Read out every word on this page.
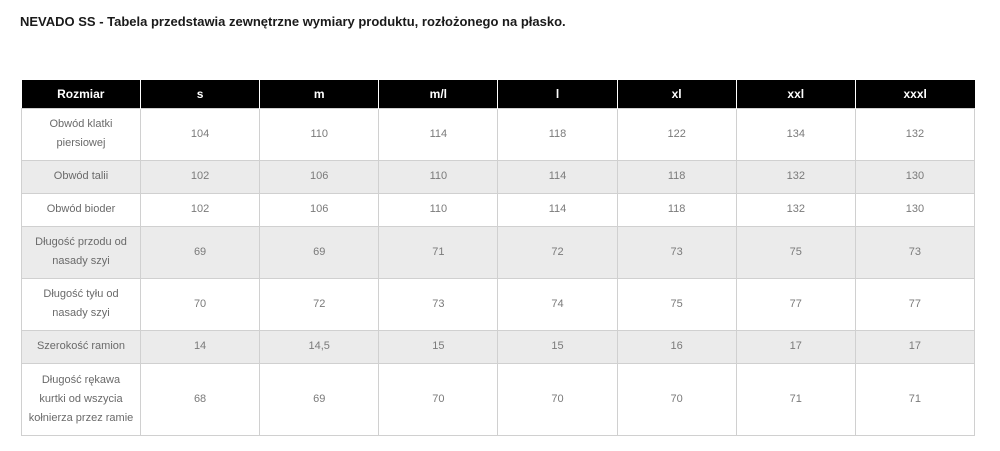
NEVADO SS - Tabela przedstawia zewnętrzne wymiary produktu, rozłożonego na płasko.
Rozmiar	s	m	m/l	l	xl	xxl	xxxl
Obwód klatki piersiowej	104	110	114	118	122	134	132
Obwód talii	102	106	110	114	118	132	130
Obwód bioder	102	106	110	114	118	132	130
Długość przodu od nasady szyi	69	69	71	72	73	75	73
Długość tyłu od nasady szyi	70	72	73	74	75	77	77
Szerokość ramion	14	14,5	15	15	16	17	17
Długość rękawa kurtki od wszycia kołnierza przez ramie	68	69	70	70	70	71	71
